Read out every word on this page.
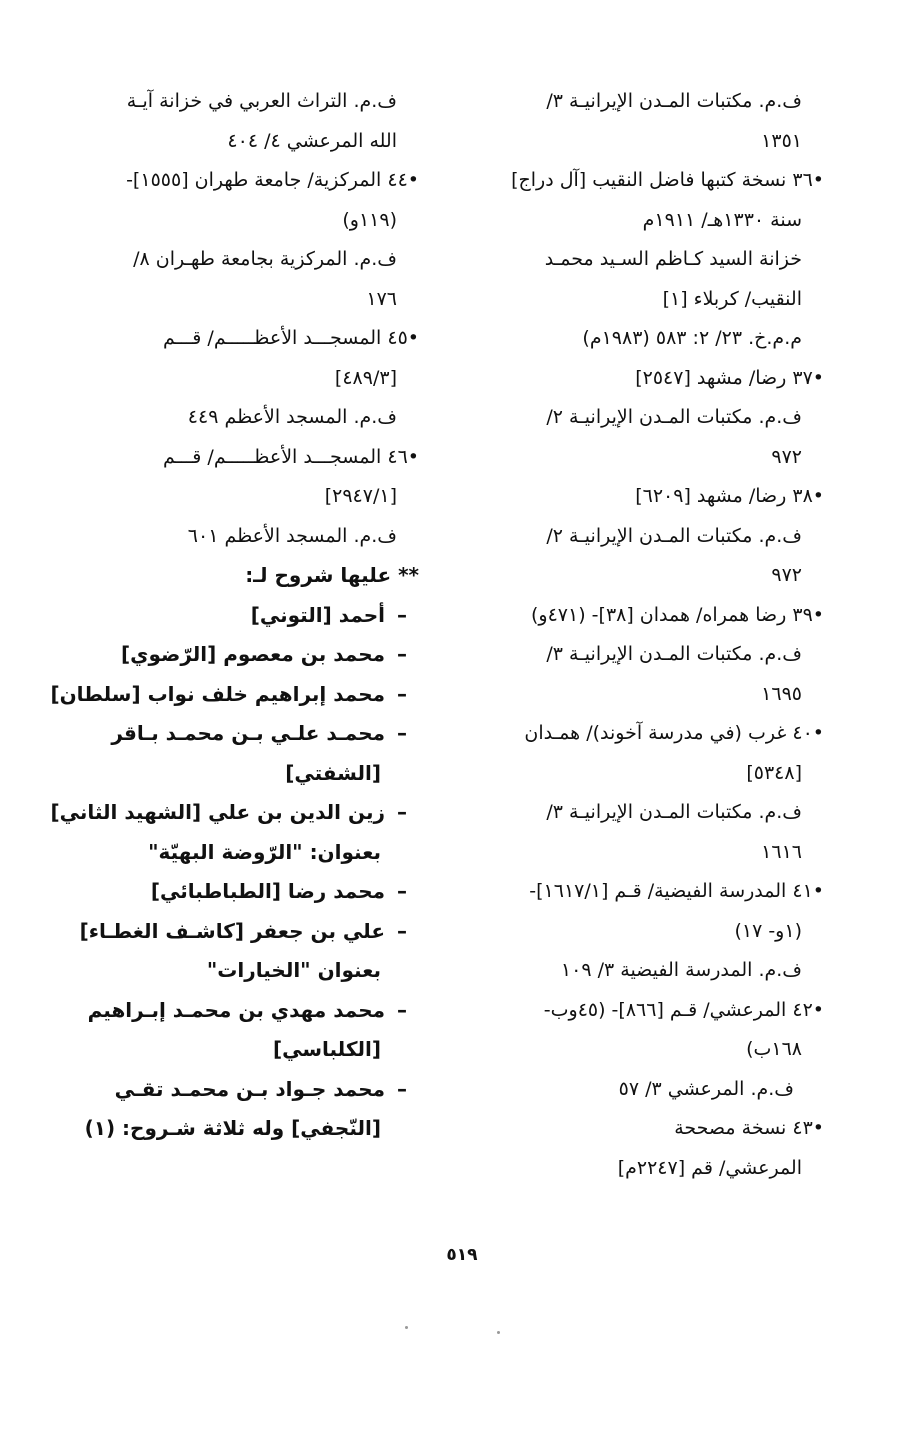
ف.م. مكتبات المـدن الإيرانيـة ٣/
١٣٥١
•٣٦ نسخة كتبها فاضل النقيب [آل دراج]
سنة ١٣٣٠هـ/ ١٩١١م
خزانة السيد كـاظم السـيد محمـد
النقيب/ كربلاء [١]
م.م.خ. ٢٣/ ٢: ٥٨٣ (١٩٨٣م)
•٣٧ رضا/ مشهد [٢٥٤٧]
ف.م. مكتبات المـدن الإيرانيـة ٢/
٩٧٢
•٣٨ رضا/ مشهد [٦٢٠٩]
ف.م. مكتبات المـدن الإيرانيـة ٢/
٩٧٢
•٣٩ رضا همراه/ همدان [٣٨]- (٤٧١و)
ف.م. مكتبات المـدن الإيرانيـة ٣/
١٦٩٥
•٤٠ غرب (في مدرسة آخوند)/ همـدان
[٥٣٤٨]
ف.م. مكتبات المـدن الإيرانيـة ٣/
١٦١٦
•٤١ المدرسة الفيضية/ قـم [١٦١٧/١]-
(١و- ١٧)
ف.م. المدرسة الفيضية ٣/ ١٠٩
•٤٢ المرعشي/ قـم [٨٦٦]- (٤٥وب-
١٦٨ب)
ف.م. المرعشي ٣/ ٥٧
•٤٣ نسخة مصححة
المرعشي/ قم [٢٢٤٧م]
ف.م. التراث العربي في خزانة آيـة
الله المرعشي ٤/ ٤٠٤
•٤٤ المركزية/ جامعة طهران [١٥٥٥]-
(١١٩و)
ف.م. المركزية بجامعة طهـران ٨/
١٧٦
•٤٥ المسجـــد الأعظـــــم/ قـــم
[٤٨٩/٣]
ف.م. المسجد الأعظم ٤٤٩
•٤٦ المسجـــد الأعظـــــم/ قـــم
[٢٩٤٧/١]
ف.م. المسجد الأعظم ٦٠١
** عليها شروح لـ:
–أحمد [التوني]
–محمد بن معصوم [الرّضوي]
–محمد إبراهيم خلف نواب [سلطان]
–محمـد علـي بـن محمـد بـاقر
[الشفتي]
–زين الدين بن علي [الشهيد الثاني]
بعنوان: "الرّوضة البهيّة"
–محمد رضا [الطباطبائي]
–علي بن جعفر [كاشـف الغطـاء]
بعنوان "الخيارات"
–محمد مهدي بن محمـد إبـراهيم
[الكلباسي]
–محمد جـواد بـن محمـد تقـي
[النّجفي] وله ثلاثة شـروح: (١)
٥١٩
